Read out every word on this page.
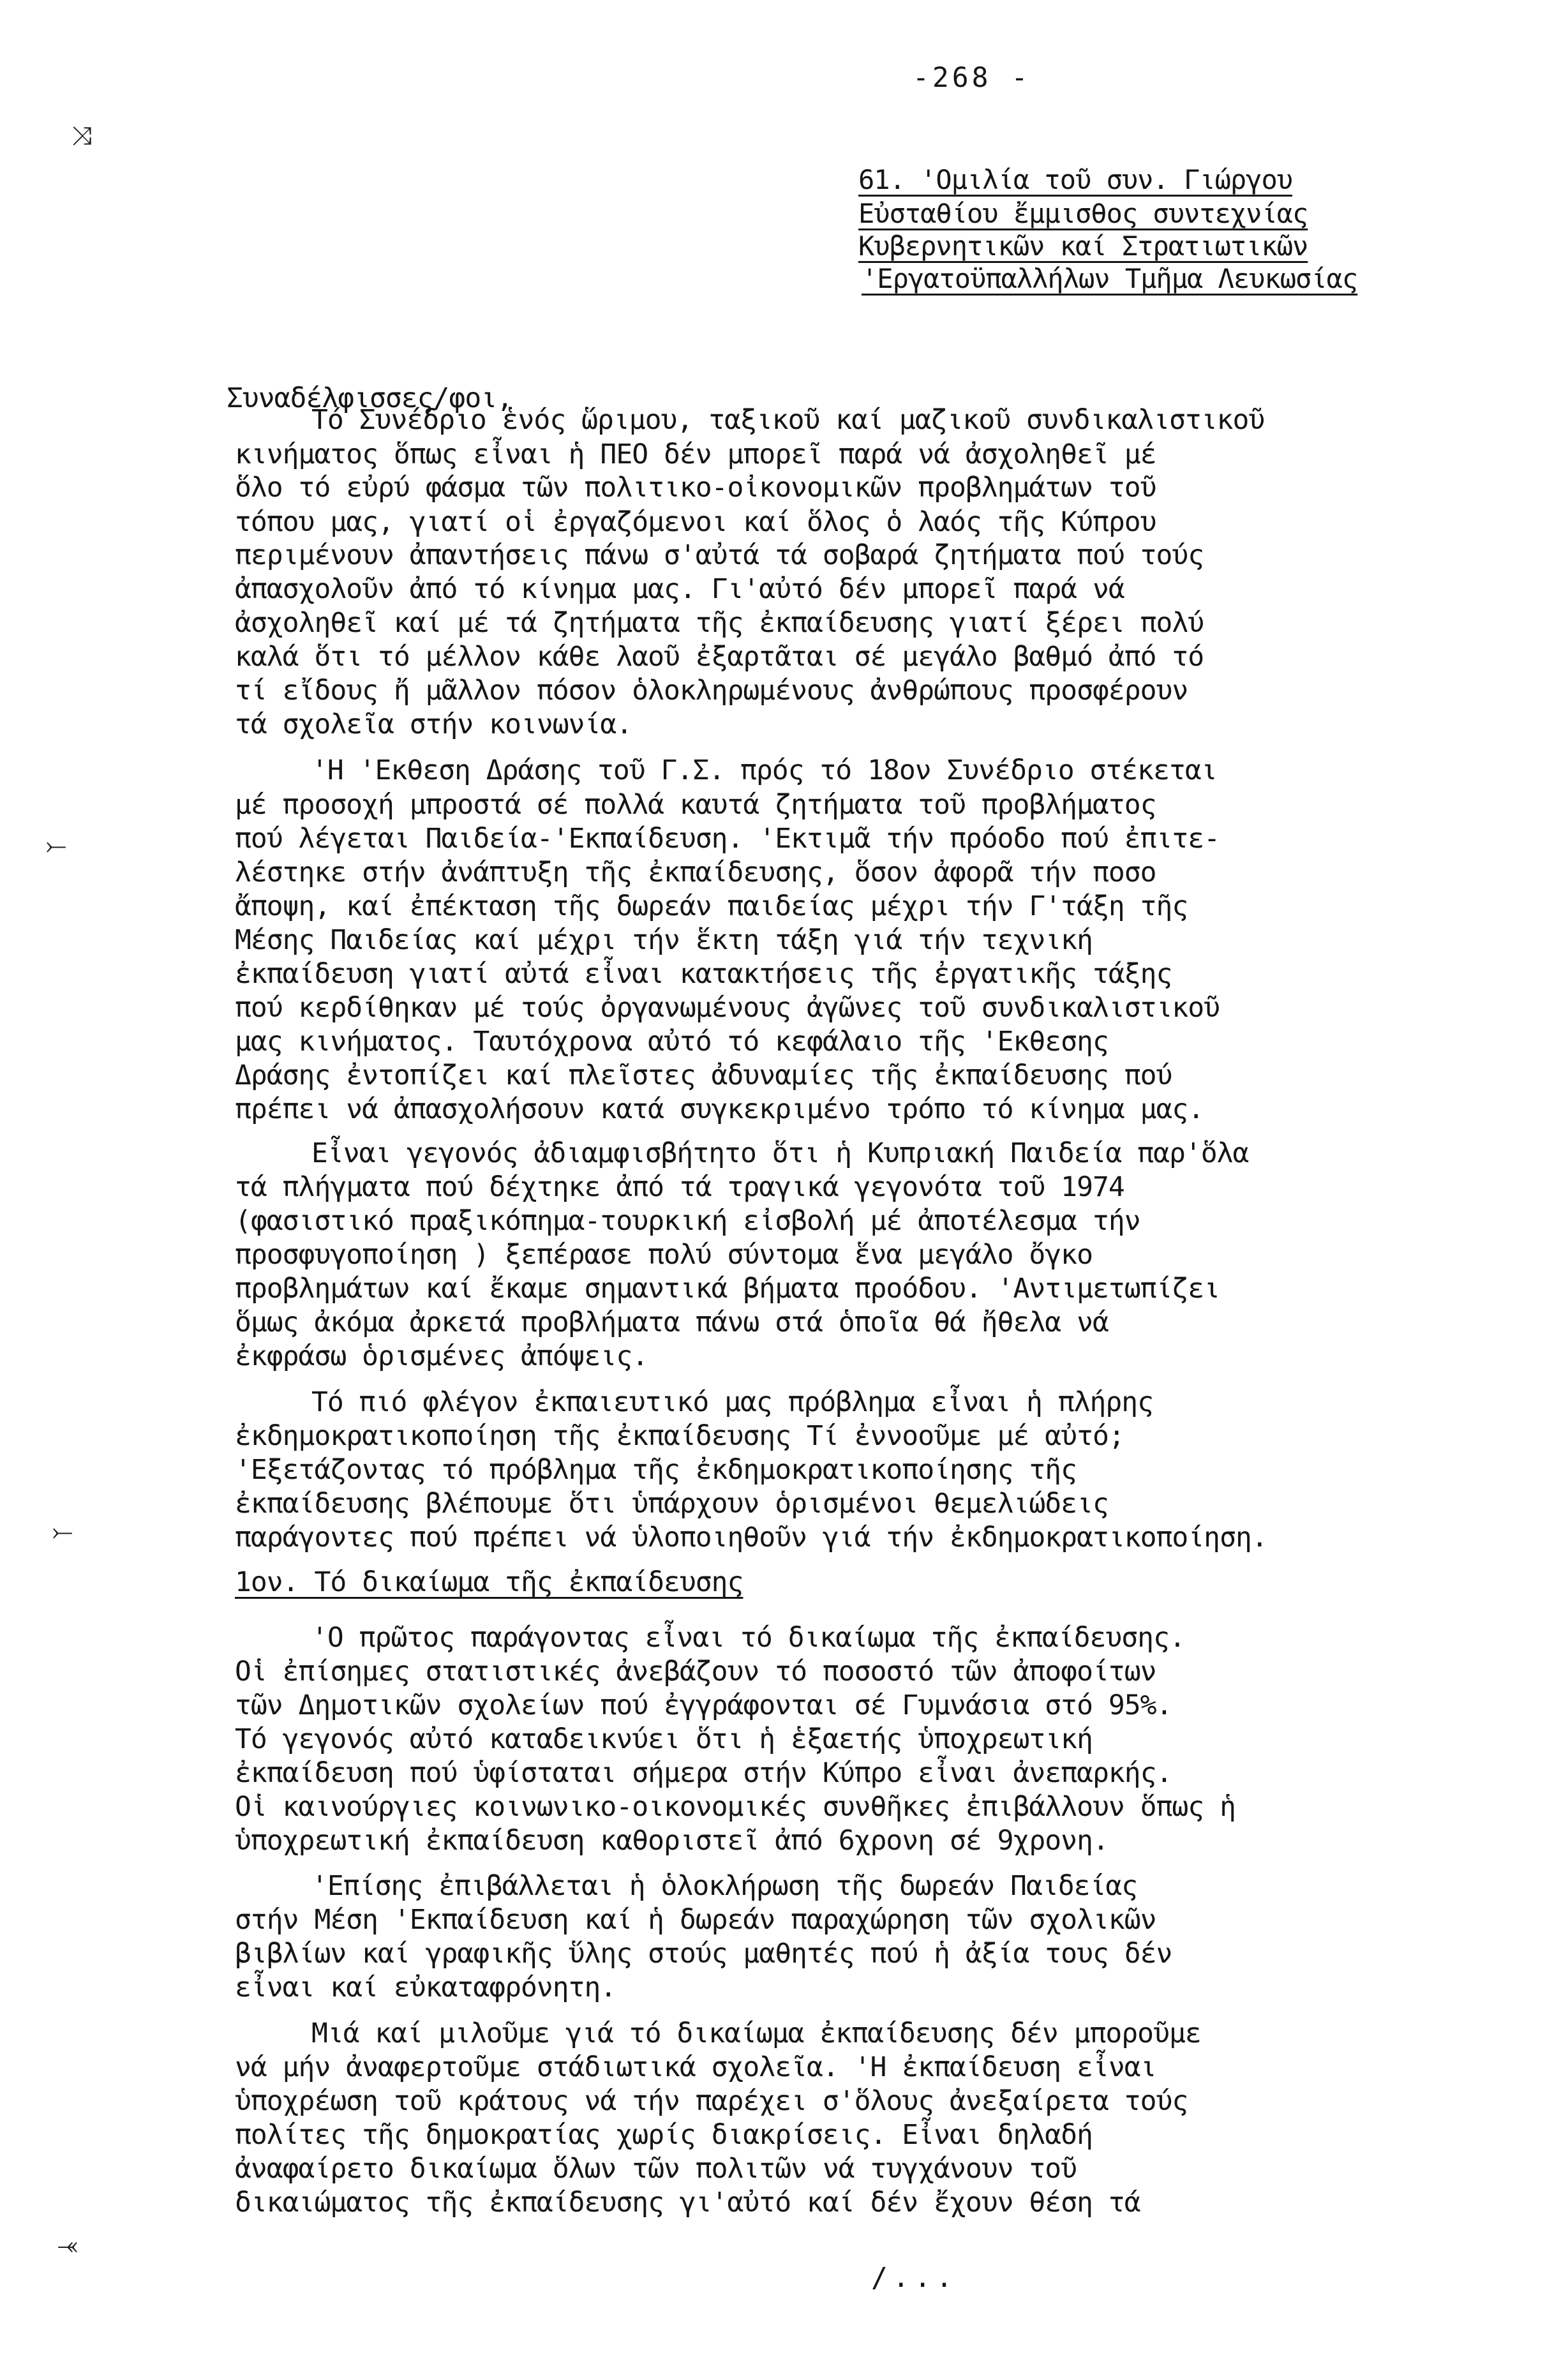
-268 -
⤨
⤚
⤚
⤛
61. 'Ομιλία τοῦ συν. Γιώργου
Εὐσταθίου ἔμμισθος συντεχνίας
Κυβερνητικῶν καί Στρατιωτικῶν
'Εργατοϋπαλλήλων Τμῆμα Λευκωσίας
Συναδέλφισσες/φοι,
Τό Συνέδριο ἑνός ὥριμου, ταξικοῦ καί μαζικοῦ συνδικαλιστικοῦ
κινήματος ὅπως εἶναι ἡ ΠΕΟ δέν μπορεῖ παρά νά ἀσχοληθεῖ μέ
ὅλο τό εὐρύ φάσμα τῶν πολιτικο-οἰκονομικῶν προβλημάτων τοῦ
τόπου μας, γιατί οἱ ἐργαζόμενοι καί ὅλος ὁ λαός τῆς Κύπρου
περιμένουν ἀπαντήσεις πάνω σ'αὐτά τά σοβαρά ζητήματα πού τούς
ἀπασχολοῦν ἀπό τό κίνημα μας. Γι'αὐτό δέν μπορεῖ παρά νά
ἀσχοληθεῖ καί μέ τά ζητήματα τῆς ἐκπαίδευσης γιατί ξέρει πολύ
καλά ὅτι τό μέλλον κάθε λαοῦ ἐξαρτᾶται σέ μεγάλο βαθμό ἀπό τό
τί εἴδους ἤ μᾶλλον πόσον ὁλοκληρωμένους ἀνθρώπους προσφέρουν
τά σχολεῖα στήν κοινωνία.
'Η 'Εκθεση Δράσης τοῦ Γ.Σ. πρός τό 18ον Συνέδριο στέκεται
μέ προσοχή μπροστά σέ πολλά καυτά ζητήματα τοῦ προβλήματος
πού λέγεται Παιδεία-'Εκπαίδευση. 'Εκτιμᾶ τήν πρόοδο πού ἐπιτε-
λέστηκε στήν ἀνάπτυξη τῆς ἐκπαίδευσης, ὅσον ἀφορᾶ τήν ποσο
ἄποψη, καί ἐπέκταση τῆς δωρεάν παιδείας μέχρι τήν Γ'τάξη τῆς
Μέσης Παιδείας καί μέχρι τήν ἕκτη τάξη γιά τήν τεχνική
ἐκπαίδευση γιατί αὐτά εἶναι κατακτήσεις τῆς ἐργατικῆς τάξης
πού κερδίθηκαν μέ τούς ὀργανωμένους ἀγῶνες τοῦ συνδικαλιστικοῦ
μας κινήματος. Ταυτόχρονα αὐτό τό κεφάλαιο τῆς 'Εκθεσης
Δράσης ἐντοπίζει καί πλεῖστες ἀδυναμίες τῆς ἐκπαίδευσης πού
πρέπει νά ἀπασχολήσουν κατά συγκεκριμένο τρόπο τό κίνημα μας.
Εἶναι γεγονός ἀδιαμφισβήτητο ὅτι ἡ Κυπριακή Παιδεία παρ'ὅλα
τά πλήγματα πού δέχτηκε ἀπό τά τραγικά γεγονότα τοῦ 1974
(φασιστικό πραξικόπημα-τουρκική εἰσβολή μέ ἀποτέλεσμα τήν
προσφυγοποίηση ) ξεπέρασε πολύ σύντομα ἕνα μεγάλο ὄγκο
προβλημάτων καί ἔκαμε σημαντικά βήματα προόδου. 'Αντιμετωπίζει
ὅμως ἀκόμα ἀρκετά προβλήματα πάνω στά ὁποῖα θά ἤθελα νά
ἐκφράσω ὁρισμένες ἀπόψεις.
Τό πιό φλέγον ἐκπαιευτικό μας πρόβλημα εἶναι ἡ πλήρης
ἐκδημοκρατικοποίηση τῆς ἐκπαίδευσης Τί ἐννοοῦμε μέ αὐτό;
'Εξετάζοντας τό πρόβλημα τῆς ἐκδημοκρατικοποίησης τῆς
ἐκπαίδευσης βλέπουμε ὅτι ὑπάρχουν ὁρισμένοι θεμελιώδεις
παράγοντες πού πρέπει νά ὑλοποιηθοῦν γιά τήν ἐκδημοκρατικοποίηση.
1ον. Τό δικαίωμα τῆς ἐκπαίδευσης
'Ο πρῶτος παράγοντας εἶναι τό δικαίωμα τῆς ἐκπαίδευσης.
Οἱ ἐπίσημες στατιστικές ἀνεβάζουν τό ποσοστό τῶν ἀποφοίτων
τῶν Δημοτικῶν σχολείων πού ἐγγράφονται σέ Γυμνάσια στό 95%.
Τό γεγονός αὐτό καταδεικνύει ὅτι ἡ ἑξαετής ὑποχρεωτική
ἐκπαίδευση πού ὑφίσταται σήμερα στήν Κύπρο εἶναι ἀνεπαρκής.
Οἱ καινούργιες κοινωνικο-οικονομικές συνθῆκες ἐπιβάλλουν ὅπως ἡ
ὑποχρεωτική ἐκπαίδευση καθοριστεῖ ἀπό 6χρονη σέ 9χρονη.
'Επίσης ἐπιβάλλεται ἡ ὁλοκλήρωση τῆς δωρεάν Παιδείας
στήν Μέση 'Εκπαίδευση καί ἡ δωρεάν παραχώρηση τῶν σχολικῶν
βιβλίων καί γραφικῆς ὕλης στούς μαθητές πού ἡ ἀξία τους δέν
εἶναι καί εὐκαταφρόνητη.
Μιά καί μιλοῦμε γιά τό δικαίωμα ἐκπαίδευσης δέν μποροῦμε
νά μήν ἀναφερτοῦμε στάδιωτικά σχολεῖα. 'Η ἐκπαίδευση εἶναι
ὑποχρέωση τοῦ κράτους νά τήν παρέχει σ'ὅλους ἀνεξαίρετα τούς
πολίτες τῆς δημοκρατίας χωρίς διακρίσεις. Εἶναι δηλαδή
ἀναφαίρετο δικαίωμα ὅλων τῶν πολιτῶν νά τυγχάνουν τοῦ
δικαιώματος τῆς ἐκπαίδευσης γι'αὐτό καί δέν ἔχουν θέση τά
/...
